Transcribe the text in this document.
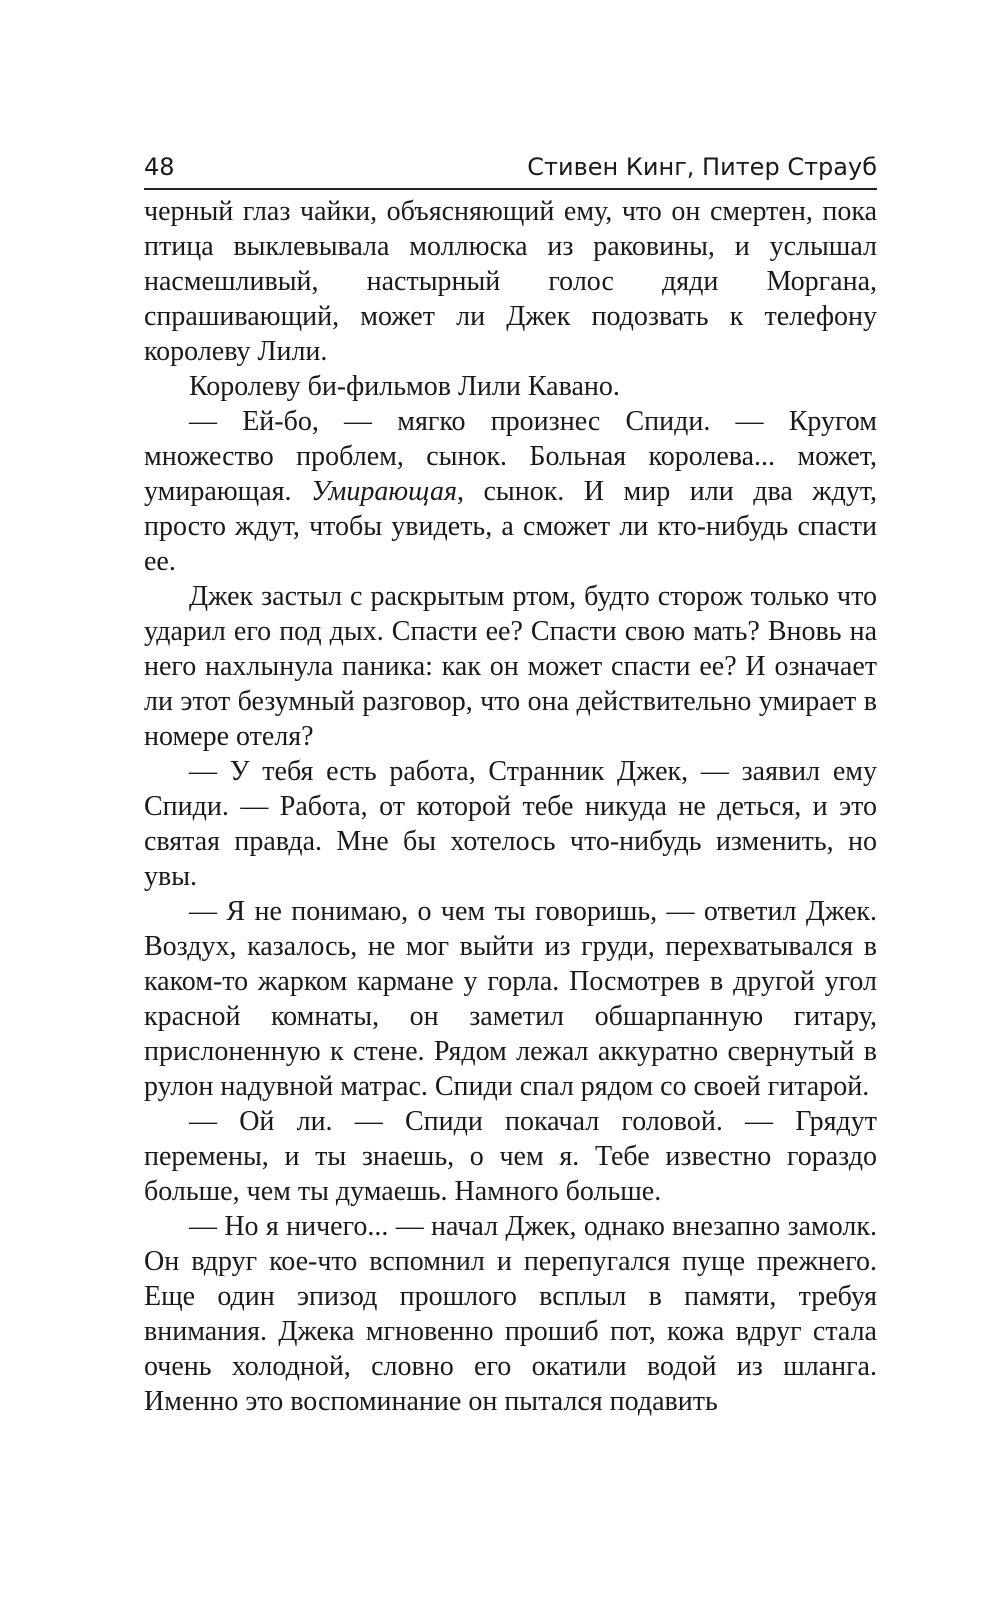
48	Стивен Кинг, Питер Страуб

черный глаз чайки, объясняющий ему, что он смертен, пока птица выклевывала моллюска из раковины, и услышал насмешливый, настырный голос дяди Моргана, спрашивающий, может ли Джек подозвать к телефону королеву Лили.

Королеву би-фильмов Лили Кавано.

— Ей-бо, — мягко произнес Спиди. — Кругом множество проблем, сынок. Больная королева... может, умирающая. Умирающая, сынок. И мир или два ждут, просто ждут, чтобы увидеть, а сможет ли кто-нибудь спасти ее.

Джек застыл с раскрытым ртом, будто сторож только что ударил его под дых. Спасти ее? Спасти свою мать? Вновь на него нахлынула паника: как он может спасти ее? И означает ли этот безумный разговор, что она действительно умирает в номере отеля?

— У тебя есть работа, Странник Джек, — заявил ему Спиди. — Работа, от которой тебе никуда не деться, и это святая правда. Мне бы хотелось что-нибудь изменить, но увы.

— Я не понимаю, о чем ты говоришь, — ответил Джек. Воздух, казалось, не мог выйти из груди, перехватывался в каком-то жарком кармане у горла. Посмотрев в другой угол красной комнаты, он заметил обшарпанную гитару, прислоненную к стене. Рядом лежал аккуратно свернутый в рулон надувной матрас. Спиди спал рядом со своей гитарой.

— Ой ли. — Спиди покачал головой. — Грядут перемены, и ты знаешь, о чем я. Тебе известно гораздо больше, чем ты думаешь. Намного больше.

— Но я ничего... — начал Джек, однако внезапно замолк. Он вдруг кое-что вспомнил и перепугался пуще прежнего. Еще один эпизод прошлого всплыл в памяти, требуя внимания. Джека мгновенно прошиб пот, кожа вдруг стала очень холодной, словно его окатили водой из шланга. Именно это воспоминание он пытался подавить
